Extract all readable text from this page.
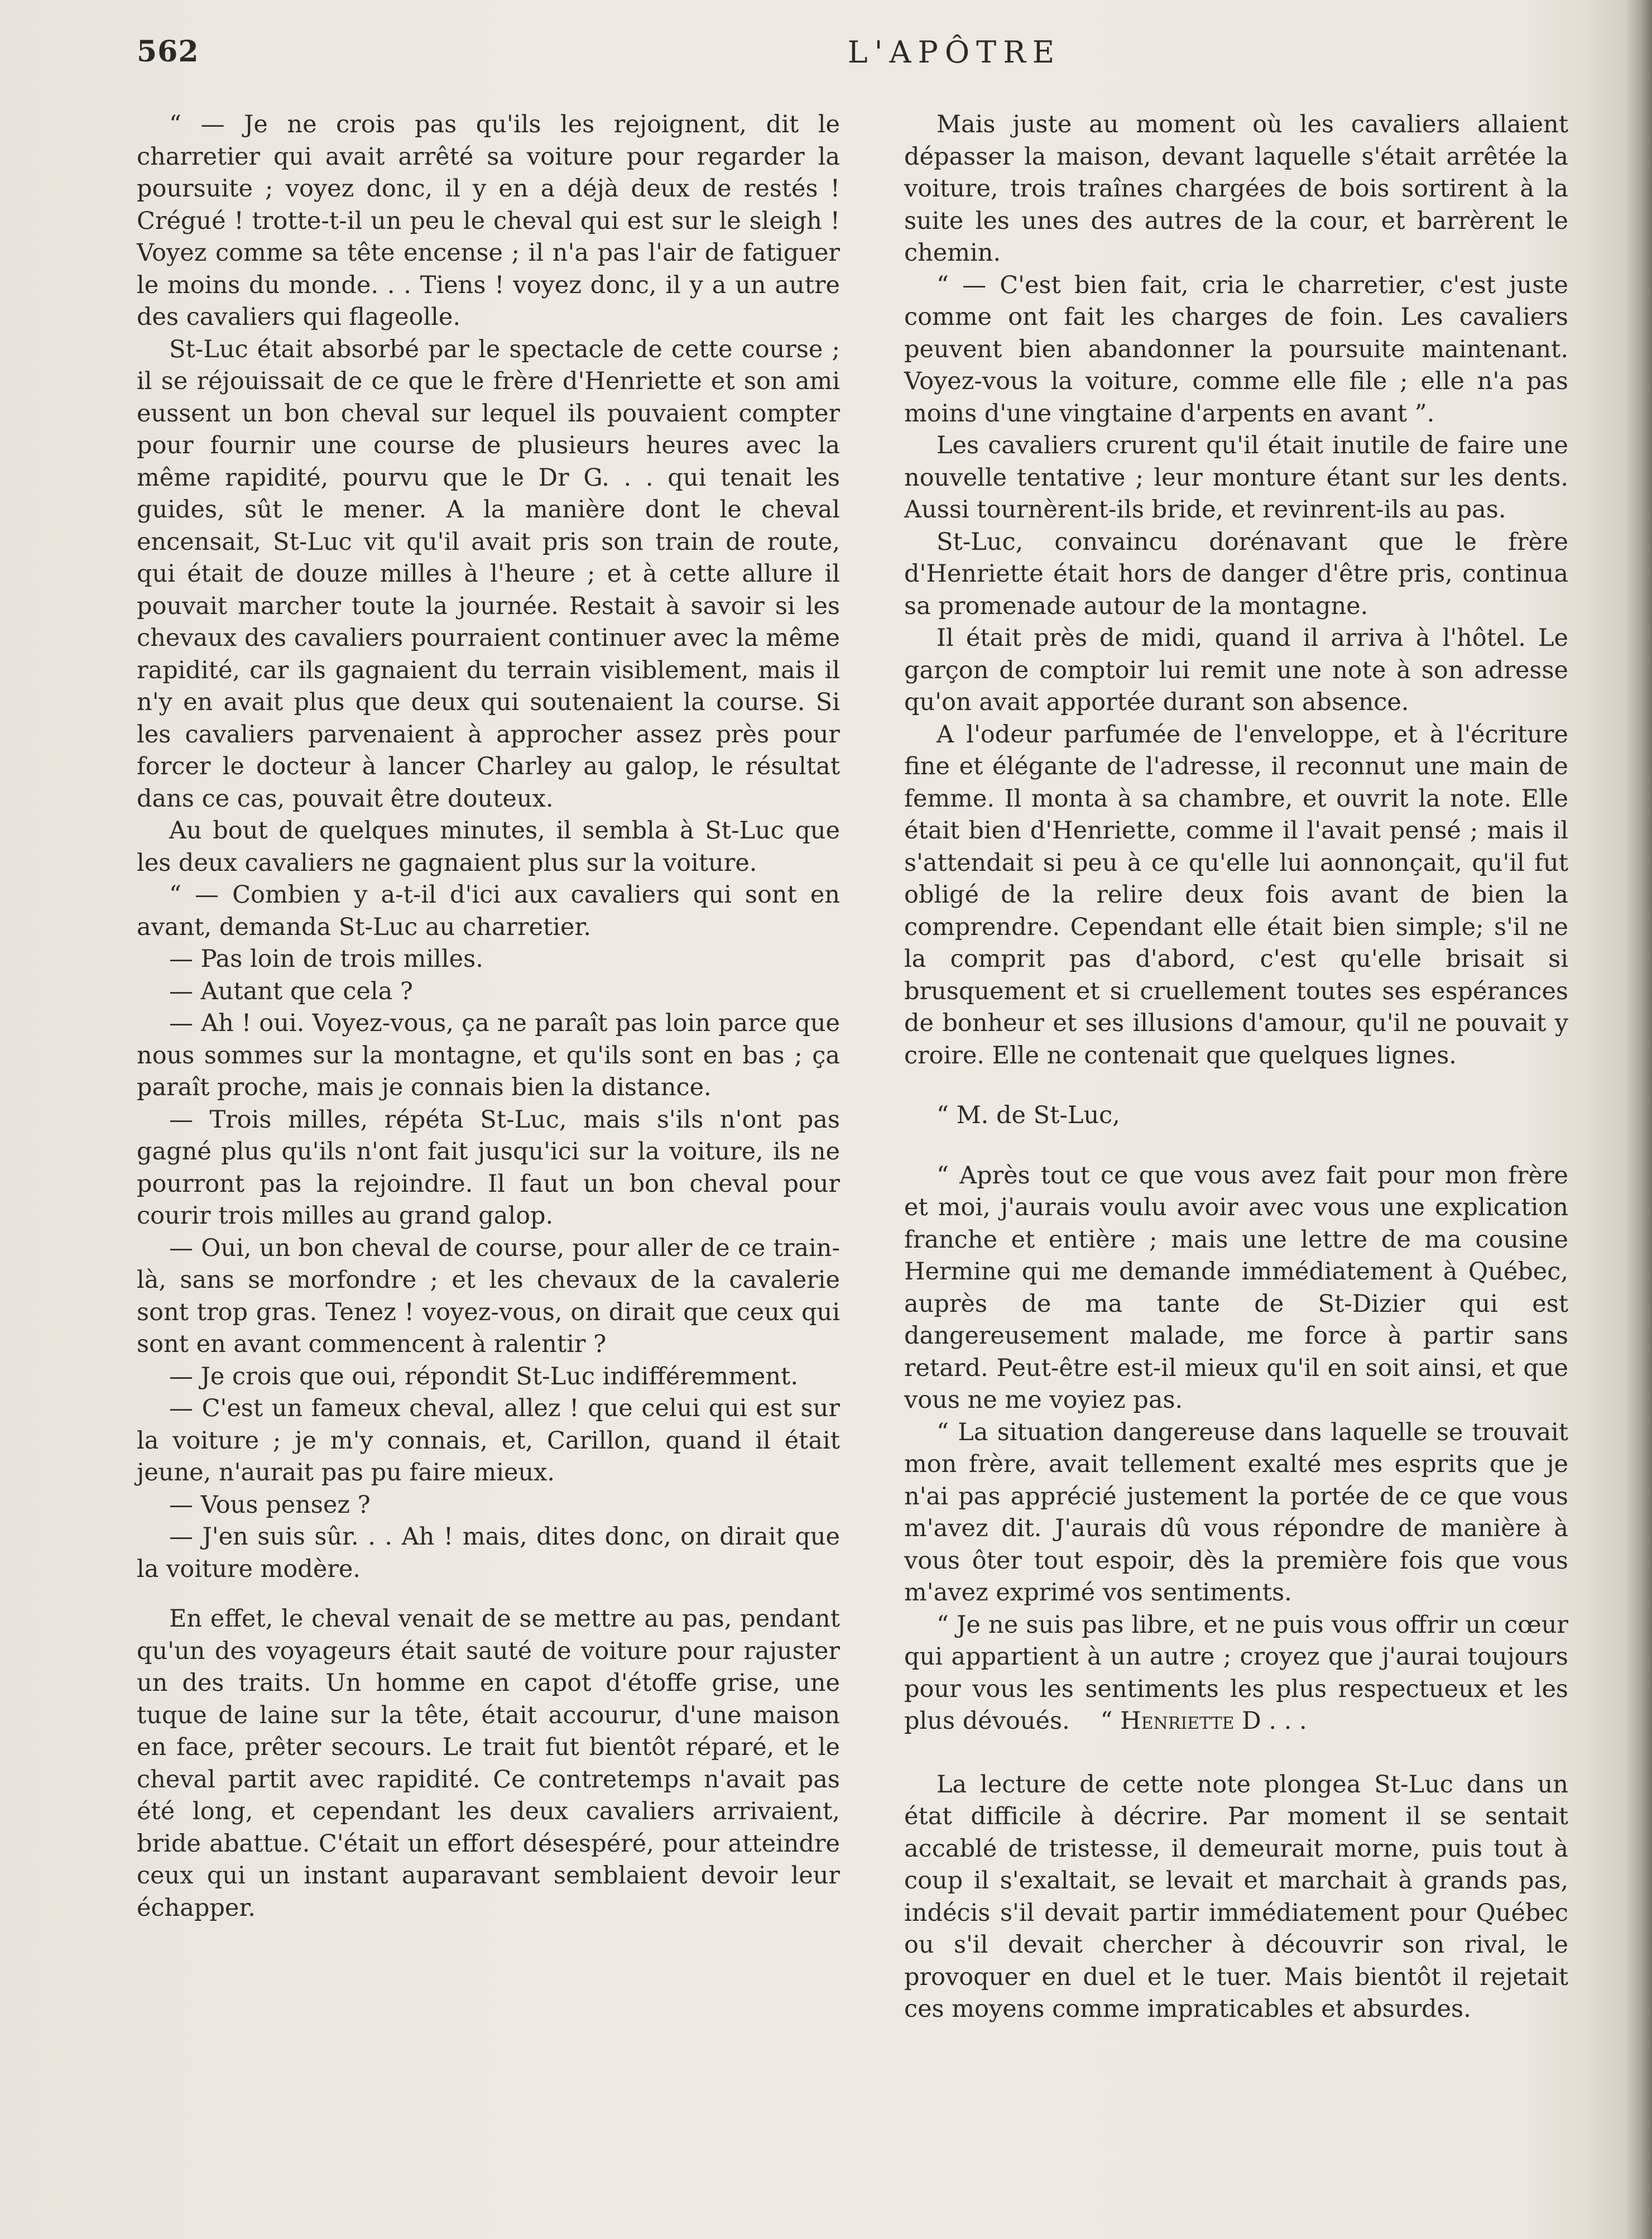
562	L'APÔTRE

“ — Je ne crois pas qu'ils les rejoignent, dit le charretier qui avait arrêté sa voiture pour regarder la poursuite ; voyez donc, il y en a déjà deux de restés ! Crégué ! trotte-t-il un peu le cheval qui est sur le sleigh ! Voyez comme sa tête encense ; il n'a pas l'air de fatiguer le moins du monde. . . Tiens ! voyez donc, il y a un autre des cavaliers qui flageolle.

St-Luc était absorbé par le spectacle de cette course ; il se réjouissait de ce que le frère d'Henriette et son ami eussent un bon cheval sur lequel ils pouvaient compter pour fournir une course de plusieurs heures avec la même rapidité, pourvu que le Dr G. . . qui tenait les guides, sût le mener. A la manière dont le cheval encensait, St-Luc vit qu'il avait pris son train de route, qui était de douze milles à l'heure ; et à cette allure il pouvait marcher toute la journée. Restait à savoir si les chevaux des cavaliers pourraient continuer avec la même rapidité, car ils gagnaient du terrain visiblement, mais il n'y en avait plus que deux qui soutenaient la course. Si les cavaliers parvenaient à approcher assez près pour forcer le docteur à lancer Charley au galop, le résultat dans ce cas, pouvait être douteux.

Au bout de quelques minutes, il sembla à St-Luc que les deux cavaliers ne gagnaient plus sur la voiture.

“ — Combien y a-t-il d'ici aux cavaliers qui sont en avant, demanda St-Luc au charretier.

— Pas loin de trois milles.

— Autant que cela ?

— Ah ! oui. Voyez-vous, ça ne paraît pas loin parce que nous sommes sur la montagne, et qu'ils sont en bas ; ça paraît proche, mais je connais bien la distance.

— Trois milles, répéta St-Luc, mais s'ils n'ont pas gagné plus qu'ils n'ont fait jusqu'ici sur la voiture, ils ne pourront pas la rejoindre. Il faut un bon cheval pour courir trois milles au grand galop.

— Oui, un bon cheval de course, pour aller de ce train-là, sans se morfondre ; et les chevaux de la cavalerie sont trop gras. Tenez ! voyez-vous, on dirait que ceux qui sont en avant commencent à ralentir ?

— Je crois que oui, répondit St-Luc indifféremment.

— C'est un fameux cheval, allez ! que celui qui est sur la voiture ; je m'y connais, et, Carillon, quand il était jeune, n'aurait pas pu faire mieux.

— Vous pensez ?

— J'en suis sûr. . . Ah ! mais, dites donc, on dirait que la voiture modère.

En effet, le cheval venait de se mettre au pas, pendant qu'un des voyageurs était sauté de voiture pour rajuster un des traits. Un homme en capot d'étoffe grise, une tuque de laine sur la tête, était accourur, d'une maison en face, prêter secours. Le trait fut bientôt réparé, et le cheval partit avec rapidité. Ce contretemps n'avait pas été long, et cependant les deux cavaliers arrivaient, bride abattue. C'était un effort désespéré, pour atteindre ceux qui un instant auparavant semblaient devoir leur échapper.

Mais juste au moment où les cavaliers allaient dépasser la maison, devant laquelle s'était arrêtée la voiture, trois traînes chargées de bois sortirent à la suite les unes des autres de la cour, et barrèrent le chemin.

“ — C'est bien fait, cria le charretier, c'est juste comme ont fait les charges de foin. Les cavaliers peuvent bien abandonner la poursuite maintenant. Voyez-vous la voiture, comme elle file ; elle n'a pas moins d'une vingtaine d'arpents en avant ”.

Les cavaliers crurent qu'il était inutile de faire une nouvelle tentative ; leur monture étant sur les dents. Aussi tournèrent-ils bride, et revinrent-ils au pas.

St-Luc, convaincu dorénavant que le frère d'Henriette était hors de danger d'être pris, continua sa promenade autour de la montagne.

Il était près de midi, quand il arriva à l'hôtel. Le garçon de comptoir lui remit une note à son adresse qu'on avait apportée durant son absence.

A l'odeur parfumée de l'enveloppe, et à l'écriture fine et élégante de l'adresse, il reconnut une main de femme. Il monta à sa chambre, et ouvrit la note. Elle était bien d'Henriette, comme il l'avait pensé ; mais il s'attendait si peu à ce qu'elle lui aonnonçait, qu'il fut obligé de la relire deux fois avant de bien la comprendre. Cependant elle était bien simple; s'il ne la comprit pas d'abord, c'est qu'elle brisait si brusquement et si cruellement toutes ses espérances de bonheur et ses illusions d'amour, qu'il ne pouvait y croire. Elle ne contenait que quelques lignes.

“ M. de St-Luc,

“ Après tout ce que vous avez fait pour mon frère et moi, j'aurais voulu avoir avec vous une explication franche et entière ; mais une lettre de ma cousine Hermine qui me demande immédiatement à Québec, auprès de ma tante de St-Dizier qui est dangereusement malade, me force à partir sans retard. Peut-être est-il mieux qu'il en soit ainsi, et que vous ne me voyiez pas.

“ La situation dangereuse dans laquelle se trouvait mon frère, avait tellement exalté mes esprits que je n'ai pas apprécié justement la portée de ce que vous m'avez dit. J'aurais dû vous répondre de manière à vous ôter tout espoir, dès la première fois que vous m'avez exprimé vos sentiments.

“ Je ne suis pas libre, et ne puis vous offrir un cœur qui appartient à un autre ; croyez que j'aurai toujours pour vous les sentiments les plus respectueux et les plus dévoués. “ Henriette D . . .

La lecture de cette note plongea St-Luc dans un état difficile à décrire. Par moment il se sentait accablé de tristesse, il demeurait morne, puis tout à coup il s'exaltait, se levait et marchait à grands pas, indécis s'il devait partir immédiatement pour Québec ou s'il devait chercher à découvrir son rival, le provoquer en duel et le tuer. Mais bientôt il rejetait ces moyens comme impraticables et absurdes.
